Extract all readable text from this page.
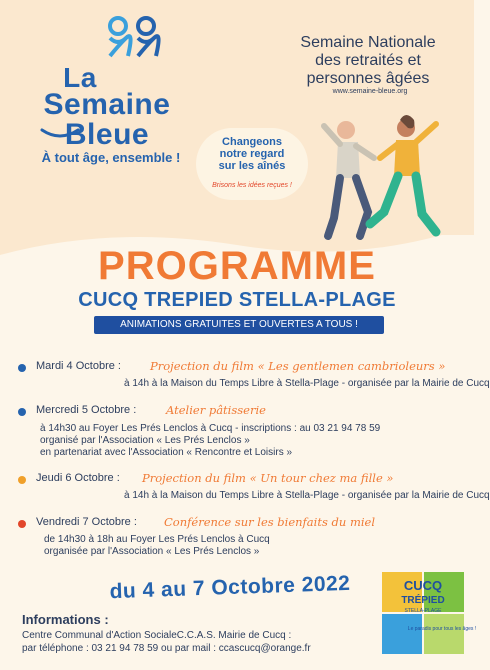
La
Semaine
Bleue
À tout âge, ensemble !
Semaine Nationale
des retraités et
personnes âgées
www.semaine-bleue.org
Changeons
notre regard
sur les aînés
Brisons les idées reçues !
PROGRAMME
CUCQ TREPIED STELLA-PLAGE
ANIMATIONS GRATUITES ET OUVERTES A TOUS !
Mardi 4 Octobre :	Projection du film « Les gentlemen cambrioleurs »
à 14h à la Maison du Temps Libre à Stella-Plage - organisée par la Mairie de Cucq
Mercredi 5 Octobre :	Atelier pâtisserie
à 14h30 au Foyer Les Prés Lenclos à Cucq - inscriptions : au 03 21 94 78 59
organisé par l'Association « Les Prés Lenclos »
en partenariat avec l'Association « Rencontre et Loisirs »
Jeudi 6 Octobre : Projection du film « Un tour chez ma fille »
à 14h à la Maison du Temps Libre à Stella-Plage - organisée par la Mairie de Cucq
Vendredi 7 Octobre : Conférence sur les bienfaits du miel
de 14h30 à 18h au Foyer Les Prés Lenclos à Cucq
organisée par l'Association « Les Prés Lenclos »
du 4 au 7 Octobre 2022
Informations :
Centre Communal d'Action SocialeC.C.A.S. Mairie de Cucq :
par téléphone : 03 21 94 78 59 ou par mail : ccascucq@orange.fr
CUCQ
TRÉPIED
STELLA-PLAGE
Le paradis pour tous les âges !
